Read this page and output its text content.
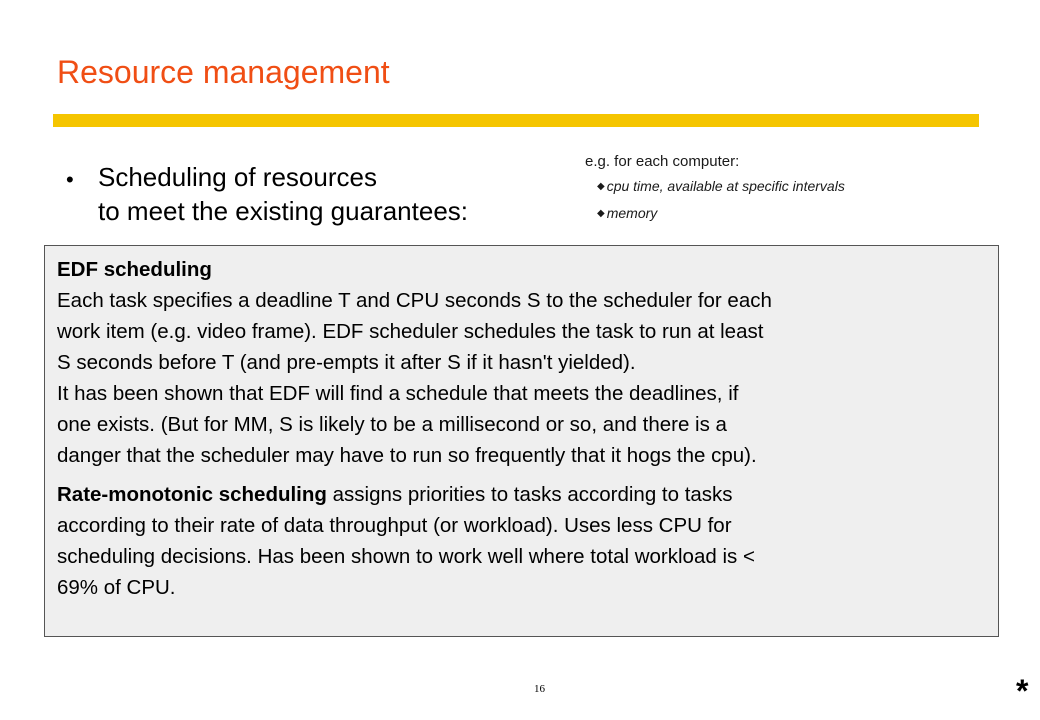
Resource management
• Scheduling of resources
to meet the existing guarantees:
e.g. for each computer:
◆ cpu time, available at specific intervals
◆ memory

EDF scheduling
Each task specifies a deadline T and CPU seconds S to the scheduler for each
work item (e.g. video frame). EDF scheduler schedules the task to run at least
S seconds before T (and pre-empts it after S if it hasn't yielded).
It has been shown that EDF will find a schedule that meets the deadlines, if
one exists. (But for MM, S is likely to be a millisecond or so, and there is a
danger that the scheduler may have to run so frequently that it hogs the cpu).

Rate-monotonic scheduling assigns priorities to tasks according to tasks
according to their rate of data throughput (or workload). Uses less CPU for
scheduling decisions. Has been shown to work well where total workload is <
69% of CPU.

16	*
